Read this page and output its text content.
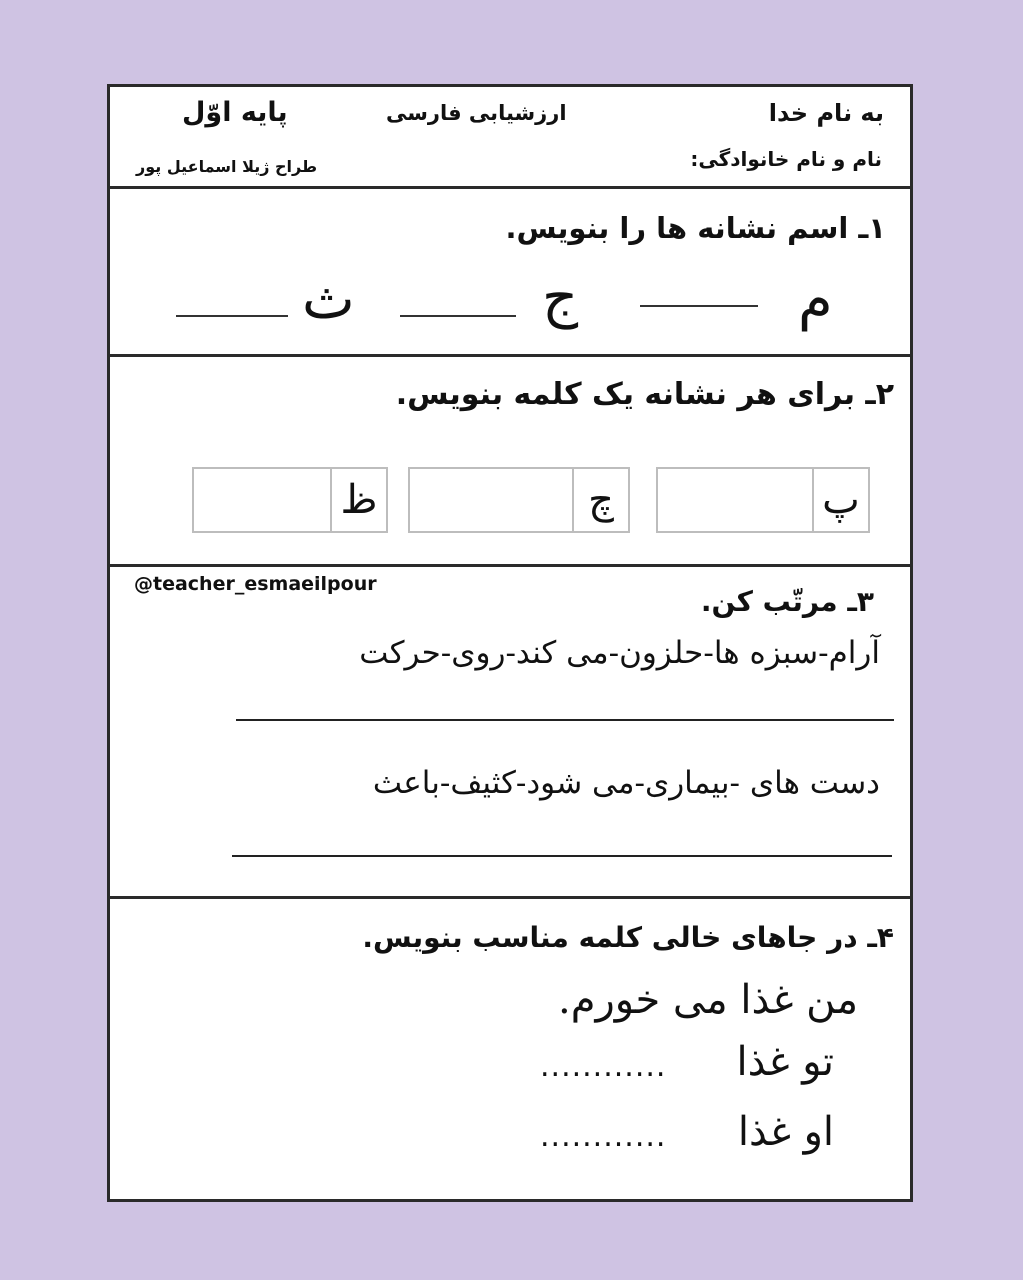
به نام خدا
ارزشیابی فارسی
پایه اوّل
نام و نام خانوادگی:
طراح ژیلا اسماعیل پور
۱ـ اسم نشانه ها را بنویس.
م
ج
ث
۲ـ برای هر نشانه یک کلمه بنویس.
پ
چ
ظ
@teacher_esmaeilpour
۳ـ مرتّب کن.
آرام-سبزه ها-حلزون-می کند-روی-حرکت
دست های -بیماری-می شود-کثیف-باعث
۴ـ در جاهای خالی کلمه مناسب بنویس.
من غذا می خورم.
تو غذا
............
او غذا
............
